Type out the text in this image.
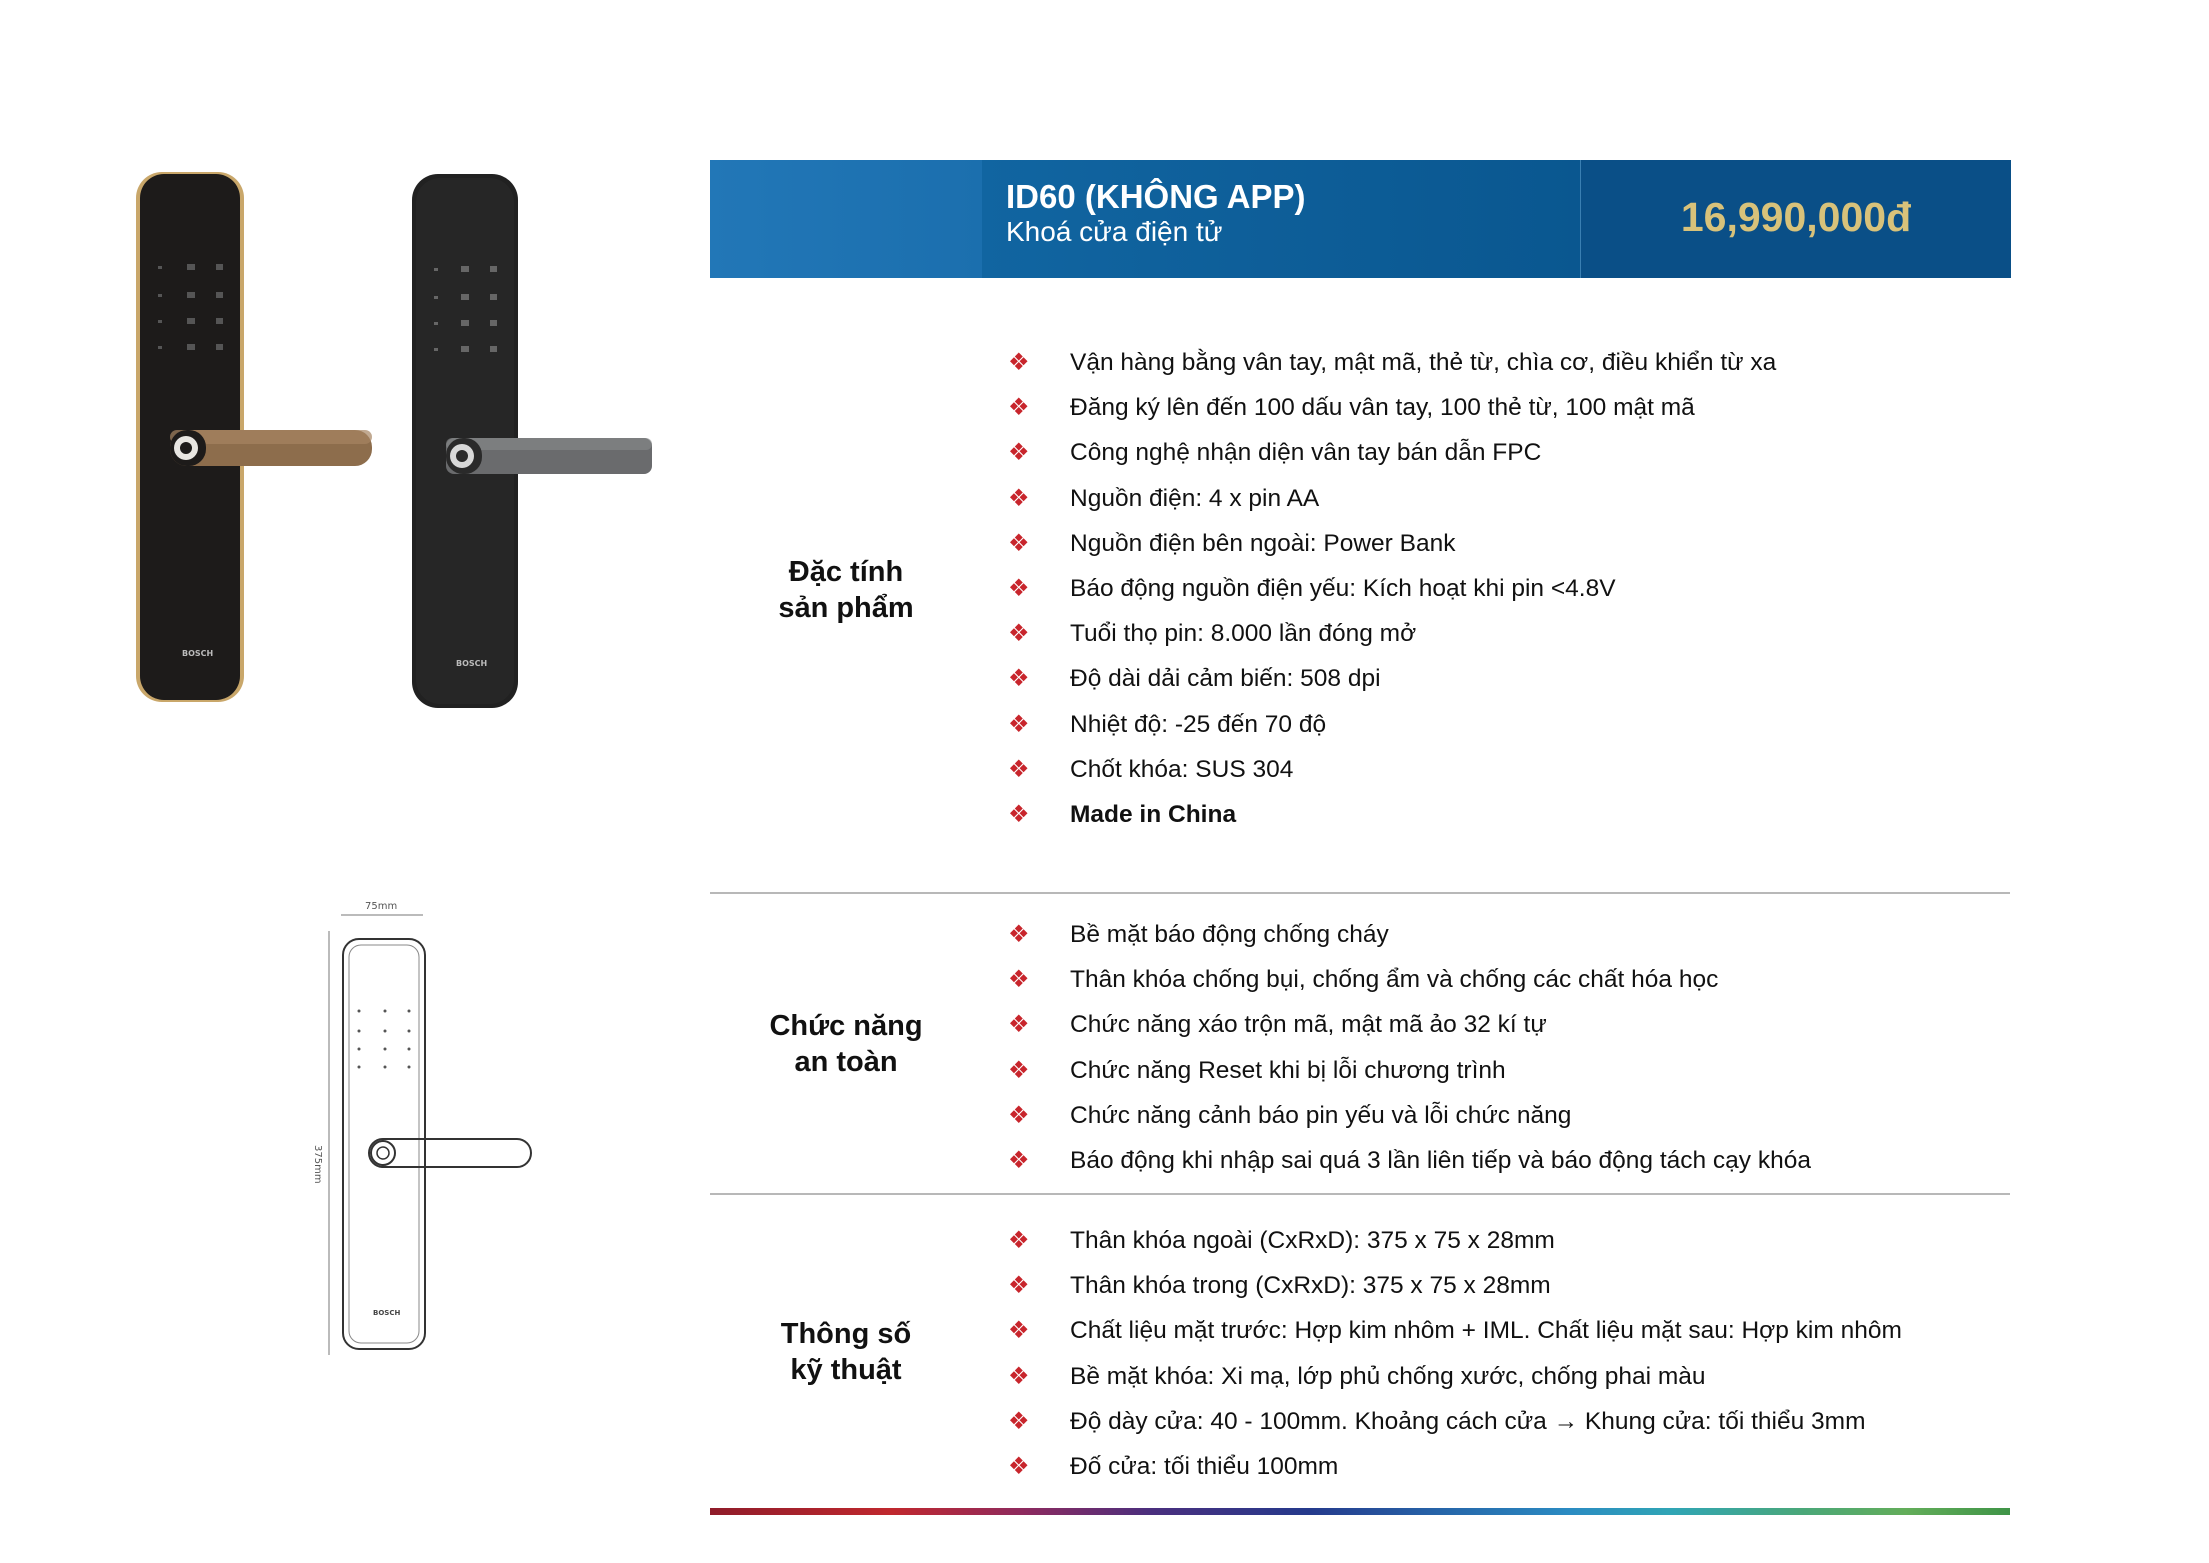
BOSCH
BOSCH
75mm
375mm
BOSCH
ID60 (KHÔNG APP)
Khoá cửa điện tử	16,990,000đ
Đặc tính
sản phẩm
❖ Vận hàng bằng vân tay, mật mã, thẻ từ, chìa cơ, điều khiển từ xa
❖ Đăng ký lên đến 100 dấu vân tay, 100 thẻ từ, 100 mật mã
❖ Công nghệ nhận diện vân tay bán dẫn FPC
❖ Nguồn điện: 4 x pin AA
❖ Nguồn điện bên ngoài: Power Bank
❖ Báo động nguồn điện yếu: Kích hoạt khi pin <4.8V
❖ Tuổi thọ pin: 8.000 lần đóng mở
❖ Độ dài dải cảm biến: 508 dpi
❖ Nhiệt độ: -25 đến 70 độ
❖ Chốt khóa: SUS 304
❖ Made in China
Chức năng
an toàn
❖ Bề mặt báo động chống cháy
❖ Thân khóa chống bụi, chống ẩm và chống các chất hóa học
❖ Chức năng xáo trộn mã, mật mã ảo 32 kí tự
❖ Chức năng Reset khi bị lỗi chương trình
❖ Chức năng cảnh báo pin yếu và lỗi chức năng
❖ Báo động khi nhập sai quá 3 lần liên tiếp và báo động tách cạy khóa
Thông số
kỹ thuật
❖ Thân khóa ngoài (CxRxD): 375 x 75 x 28mm
❖ Thân khóa trong (CxRxD): 375 x 75 x 28mm
❖ Chất liệu mặt trước: Hợp kim nhôm + IML. Chất liệu mặt sau: Hợp kim nhôm
❖ Bề mặt khóa: Xi mạ, lớp phủ chống xước, chống phai màu
❖ Độ dày cửa: 40 - 100mm. Khoảng cách cửa → Khung cửa: tối thiểu 3mm
❖ Đố cửa: tối thiểu 100mm
